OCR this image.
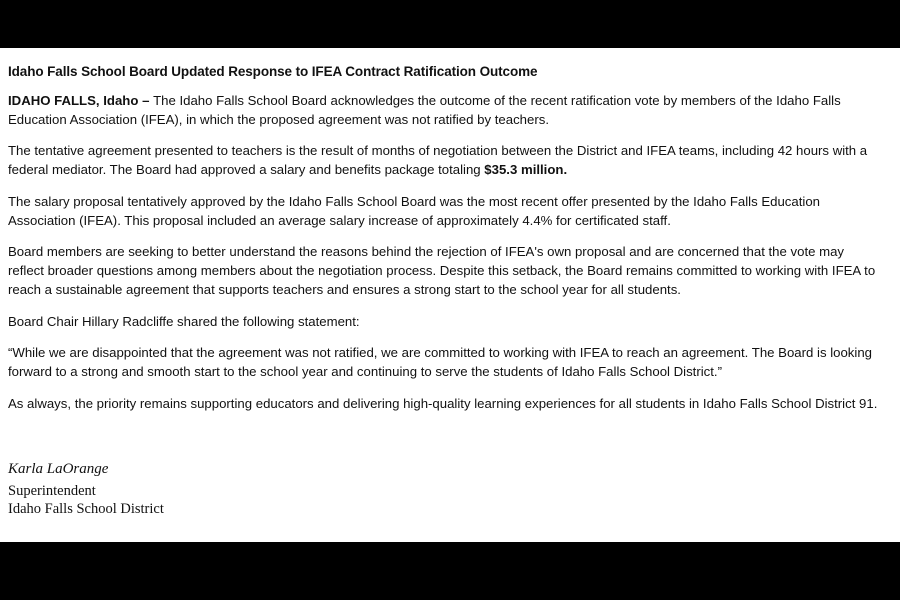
Idaho Falls School Board Updated Response to IFEA Contract Ratification Outcome

IDAHO FALLS, Idaho – The Idaho Falls School Board acknowledges the outcome of the recent ratification vote by members of the Idaho Falls Education Association (IFEA), in which the proposed agreement was not ratified by teachers.

The tentative agreement presented to teachers is the result of months of negotiation between the District and IFEA teams, including 42 hours with a federal mediator. The Board had approved a salary and benefits package totaling $35.3 million.

The salary proposal tentatively approved by the Idaho Falls School Board was the most recent offer presented by the Idaho Falls Education Association (IFEA). This proposal included an average salary increase of approximately 4.4% for certificated staff.

Board members are seeking to better understand the reasons behind the rejection of IFEA's own proposal and are concerned that the vote may reflect broader questions among members about the negotiation process. Despite this setback, the Board remains committed to working with IFEA to reach a sustainable agreement that supports teachers and ensures a strong start to the school year for all students.

Board Chair Hillary Radcliffe shared the following statement:

“While we are disappointed that the agreement was not ratified, we are committed to working with IFEA to reach an agreement. The Board is looking forward to a strong and smooth start to the school year and continuing to serve the students of Idaho Falls School District.”

As always, the priority remains supporting educators and delivering high-quality learning experiences for all students in Idaho Falls School District 91.

Karla LaOrange

Superintendent

Idaho Falls School District
